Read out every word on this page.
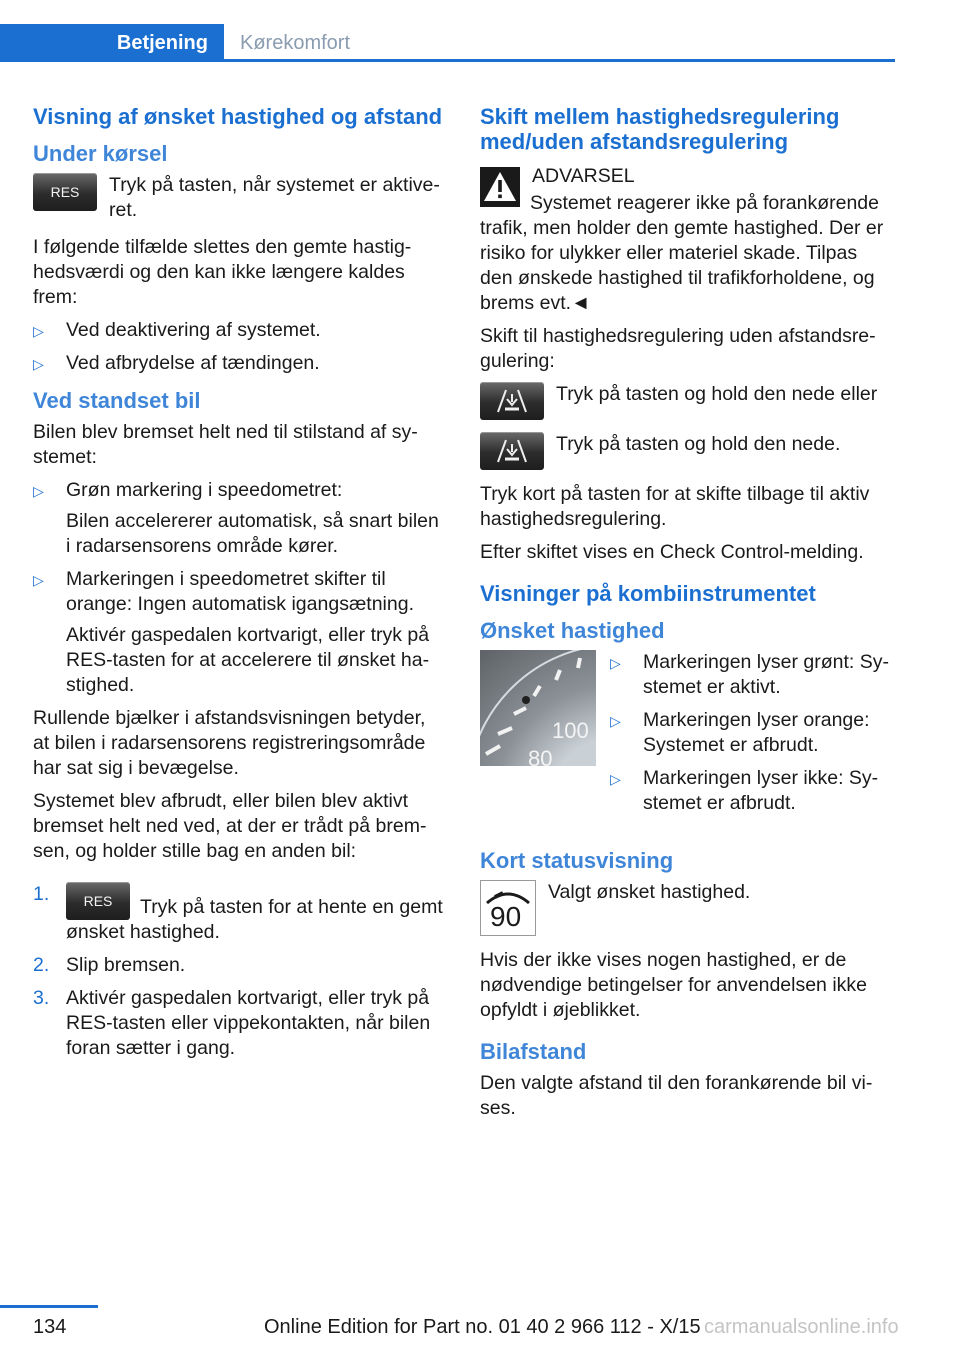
Betjening	Kørekomfort
Visning af ønsket hastighed og afstand
Under kørsel
RES	Tryk på tasten, når systemet er aktiveret.

I følgende tilfælde slettes den gemte hastighedsværdi og den kan ikke længere kaldes frem:

▷ Ved deaktivering af systemet.
▷ Ved afbrydelse af tændingen.
Ved standset bil

Bilen blev bremset helt ned til stilstand af systemet:

▷ Grøn markering i speedometret:
Bilen accelererer automatisk, så snart bilen i radarsensorens område kører.
▷ Markeringen i speedometret skifter til orange: Ingen automatisk igangsætning.
Aktivér gaspedalen kortvarigt, eller tryk på RES-tasten for at accelerere til ønsket hastighed.

Rullende bjælker i afstandsvisningen betyder, at bilen i radarsensorens registreringsområde har sat sig i bevægelse.

Systemet blev afbrudt, eller bilen blev aktivt bremset helt ned ved, at der er trådt på bremsen, og holder stille bag en anden bil:

1. RES Tryk på tasten for at hente en gemt ønsket hastighed.
2. Slip bremsen.
3. Aktivér gaspedalen kortvarigt, eller tryk på RES-tasten eller vippekontakten, når bilen foran sætter i gang.
Skift mellem hastighedsregulering med/uden afstandsregulering
ADVARSEL

Systemet reagerer ikke på forankørende trafik, men holder den gemte hastighed. Der er risiko for ulykker eller materiel skade. Tilpas den ønskede hastighed til trafikforholdene, og brems evt.◄

Skift til hastighedsregulering uden afstandsregulering:

Tryk på tasten og hold den nede eller
Tryk på tasten og hold den nede.

Tryk kort på tasten for at skifte tilbage til aktiv hastighedsregulering.

Efter skiftet vises en Check Control-melding.

Visninger på kombiinstrumentet
Ønsket hastighed
100
80
▷ Markeringen lyser grønt: Systemet er aktivt.
▷ Markeringen lyser orange: Systemet er afbrudt.
▷ Markeringen lyser ikke: Systemet er afbrudt.
Kort statusvisning
90
Valgt ønsket hastighed.

Hvis der ikke vises nogen hastighed, er de nødvendige betingelser for anvendelsen ikke opfyldt i øjeblikket.

Bilafstand

Den valgte afstand til den forankørende bil vises.

134	Online Edition for Part no. 01 40 2 966 112 - X/15 carmanualsonline.info
